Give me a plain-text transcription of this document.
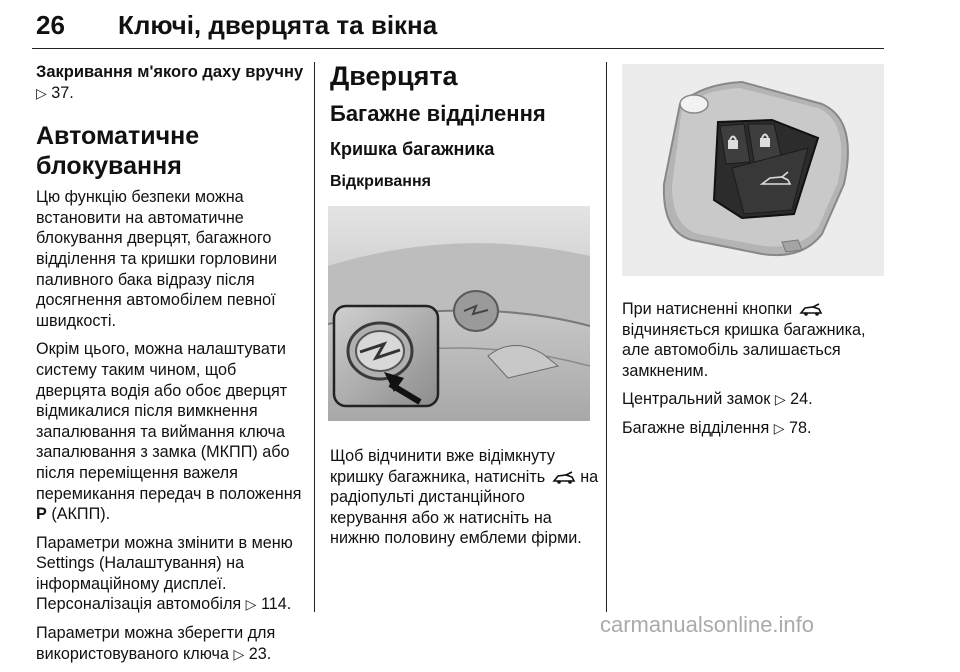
26 Ключі, дверцята та вікна
Закривання м'якого даху вручну
▷ 37.
Автоматичне блокування

Цю функцію безпеки можна встановити на автоматичне блокування дверцят, багажного відділення та кришки горловини паливного бака відразу після досягнення автомобілем певної швидкості.

Окрім цього, можна налаштувати систему таким чином, щоб дверцята водія або обоє дверцят відмикалися після вимкнення запалювання та виймання ключа запалювання з замка (МКПП) або після переміщення важеля перемикання передач в положення P (АКПП).

Параметри можна змінити в меню Settings (Налаштування) на інформаційному дисплеї. Персоналізація автомобіля ▷ 114.

Параметри можна зберегти для використовуваного ключа ▷ 23.

Дверцята
Багажне відділення
Кришка багажника
Відкривання

Щоб відчинити вже відімкнуту кришку багажника, натисніть на радіопульті дистанційного керування або ж натисніть на нижню половину емблеми фірми.

При натисненні кнопки  відчиняється кришка багажника, але автомобіль залишається замкненим.

Центральний замок ▷ 24.

Багажне відділення ▷ 78.

carmanualsonline.info
